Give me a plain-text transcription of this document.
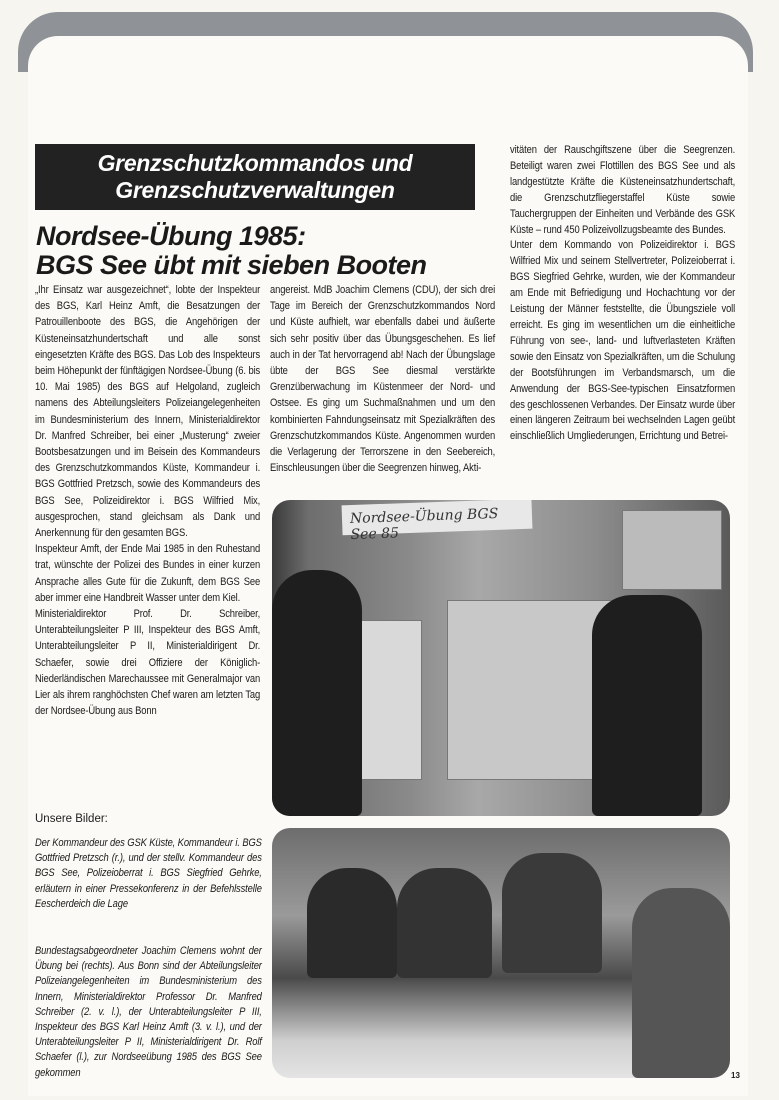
Grenzschutzkommandos und
Grenzschutzverwaltungen
Nordsee-Übung 1985:
BGS See übt mit sieben Booten

„Ihr Einsatz war ausgezeichnet“, lobte der Inspekteur des BGS, Karl Heinz Amft, die Besatzungen der Patrouillenboote des BGS, die Angehörigen der Küsteneinsatzhundertschaft und alle sonst eingesetzten Kräfte des BGS. Das Lob des Inspekteurs beim Höhepunkt der fünftägigen Nordsee-Übung (6. bis 10. Mai 1985) des BGS auf Helgoland, zugleich namens des Abteilungsleiters Polizeiangelegenheiten im Bundesministerium des Innern, Ministerialdirektor Dr. Manfred Schreiber, bei einer „Musterung“ zweier Bootsbesatzungen und im Beisein des Kommandeurs des Grenzschutzkommandos Küste, Kommandeur i. BGS Gottfried Pretzsch, sowie des Kommandeurs des BGS See, Polizeidirektor i. BGS Wilfried Mix, ausgesprochen, stand gleichsam als Dank und Anerkennung für den gesamten BGS.

Inspekteur Amft, der Ende Mai 1985 in den Ruhestand trat, wünschte der Polizei des Bundes in einer kurzen Ansprache alles Gute für die Zukunft, dem BGS See aber immer eine Handbreit Wasser unter dem Kiel.

Ministerialdirektor Prof. Dr. Schreiber, Unterabteilungsleiter P III, Inspekteur des BGS Amft, Unterabteilungsleiter P II, Ministerialdirigent Dr. Schaefer, sowie drei Offiziere der Königlich-Niederländischen Marechaussee mit Generalmajor van Lier als ihrem ranghöchsten Chef waren am letzten Tag der Nordsee-Übung aus Bonn

angereist. MdB Joachim Clemens (CDU), der sich drei Tage im Bereich der Grenzschutzkommandos Nord und Küste aufhielt, war ebenfalls dabei und äußerte sich sehr positiv über das Übungsgeschehen. Es lief auch in der Tat hervorragend ab! Nach der Übungslage übte der BGS See diesmal verstärkte Grenzüberwachung im Küstenmeer der Nord- und Ostsee. Es ging um Suchmaßnahmen und um den kombinierten Fahndungseinsatz mit Spezialkräften des Grenzschutzkommandos Küste. Angenommen wurden die Verlagerung der Terrorszene in den Seebereich, Einschleusungen über die Seegrenzen hinweg, Akti-

vitäten der Rauschgiftszene über die Seegrenzen. Beteiligt waren zwei Flottillen des BGS See und als landgestützte Kräfte die Küsteneinsatzhundertschaft, die Grenzschutzfliegerstaffel Küste sowie Tauchergruppen der Einheiten und Verbände des GSK Küste – rund 450 Polizeivollzugsbeamte des Bundes.

Unter dem Kommando von Polizeidirektor i. BGS Wilfried Mix und seinem Stellvertreter, Polizeioberrat i. BGS Siegfried Gehrke, wurden, wie der Kommandeur am Ende mit Befriedigung und Hochachtung vor der Leistung der Männer feststellte, die Übungsziele voll erreicht. Es ging im wesentlichen um die einheitliche Führung von see-, land- und luftverlasteten Kräften sowie den Einsatz von Spezialkräften, um die Schulung der Bootsführungen im Verbandsmarsch, um die Anwendung der BGS-See-typischen Einsatzformen des geschlossenen Verbandes. Der Einsatz wurde über einen längeren Zeitraum bei wechselnden Lagen geübt einschließlich Umgliederungen, Errichtung und Betrei-

Nordsee-Übung BGS See 85
Unsere Bilder:
Der Kommandeur des GSK Küste, Kommandeur i. BGS Gottfried Pretzsch (r.), und der stellv. Kommandeur des BGS See, Polizeioberrat i. BGS Siegfried Gehrke, erläutern in einer Pressekonferenz in der Befehlsstelle Eescherdeich die Lage
Bundestagsabgeordneter Joachim Clemens wohnt der Übung bei (rechts). Aus Bonn sind der Abteilungsleiter Polizeiangelegenheiten im Bundesministerium des Innern, Ministerialdirektor Professor Dr. Manfred Schreiber (2. v. l.), der Unterabteilungsleiter P III, Inspekteur des BGS Karl Heinz Amft (3. v. l.), und der Unterabteilungsleiter P II, Ministerialdirigent Dr. Rolf Schaefer (l.), zur Nordseeübung 1985 des BGS See gekommen	13
